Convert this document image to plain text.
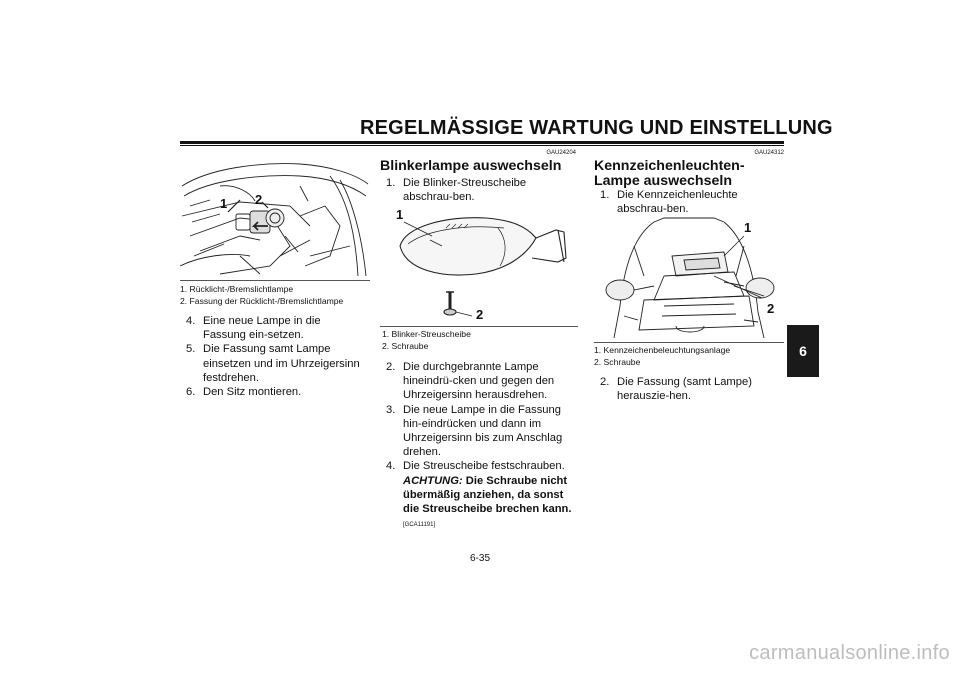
REGELMÄSSIGE WARTUNG UND EINSTELLUNG
1 2
1. Rücklicht-/Bremslichtlampe
2. Fassung der Rücklicht-/Bremslichtlampe
4. Eine neue Lampe in die Fassung ein-setzen.
5. Die Fassung samt Lampe einsetzen und im Uhrzeigersinn festdrehen.
6. Den Sitz montieren.
GAU24204
Blinkerlampe auswechseln
1. Die Blinker-Streuscheibe abschrau-ben.
1
2
1. Blinker-Streuscheibe
2. Schraube
2. Die durchgebrannte Lampe hineindrü-cken und gegen den Uhrzeigersinn herausdrehen.
3. Die neue Lampe in die Fassung hin-eindrücken und dann im Uhrzeigersinn bis zum Anschlag drehen.
4. Die Streuscheibe festschrauben.
ACHTUNG: Die Schraube nicht übermäßig anziehen, da sonst die Streuscheibe brechen kann. [GCA11191]
GAU24312
Kennzeichenleuchten-Lampe auswechseln
1. Die Kennzeichenleuchte abschrau-ben.
1
2
1. Kennzeichenbeleuchtungsanlage
2. Schraube
2. Die Fassung (samt Lampe) herauszie-hen.
6
6-35
carmanualsonline.info
